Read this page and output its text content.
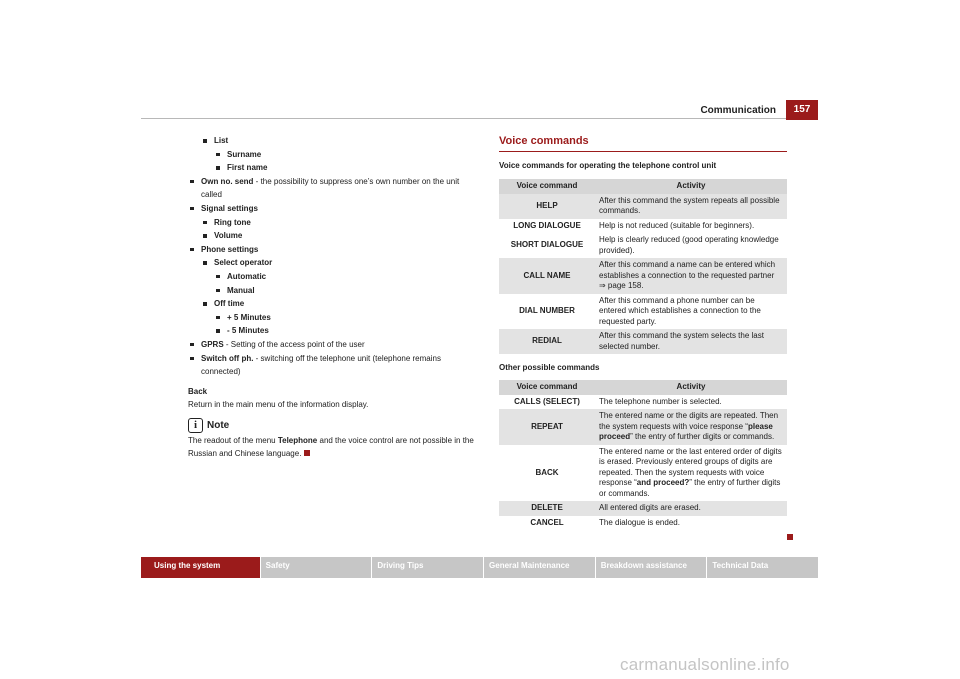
Communication	157
List
Surname
First name
Own no. send - the possibility to suppress one’s own number on the unit called
Signal settings
Ring tone
Volume
Phone settings
Select operator
Automatic
Manual
Off time
+ 5 Minutes
- 5 Minutes
GPRS - Setting of the access point of the user
Switch off ph. - switching off the telephone unit (telephone remains connected)
Back
Return in the main menu of the information display.
i Note
The readout of the menu Telephone and the voice control are not possible in the Russian and Chinese language.
Voice commands
Voice commands for operating the telephone control unit
Voice command	Activity
HELP	After this command the system repeats all possible commands.
LONG DIALOGUE	Help is not reduced (suitable for beginners).
SHORT DIALOGUE	Help is clearly reduced (good operating knowledge provided).
CALL NAME	After this command a name can be entered which establishes a connection to the requested partner
⇒ page 158.
DIAL NUMBER	After this command a phone number can be entered which establishes a connection to the requested party.
REDIAL	After this command the system selects the last selected number.
Other possible commands
Voice command	Activity
CALLS (SELECT)	The telephone number is selected.
REPEAT	The entered name or the digits are repeated. Then the system requests with voice response “please proceed” the entry of further digits or commands.
BACK	The entered name or the last entered order of digits is erased. Previously entered groups of digits are repeated. Then the system requests with voice response “and proceed?” the entry of further digits or commands.
DELETE	All entered digits are erased.
CANCEL	The dialogue is ended.
Using the system	Safety	Driving Tips	General Maintenance	Breakdown assistance	Technical Data
carmanualsonline.info
